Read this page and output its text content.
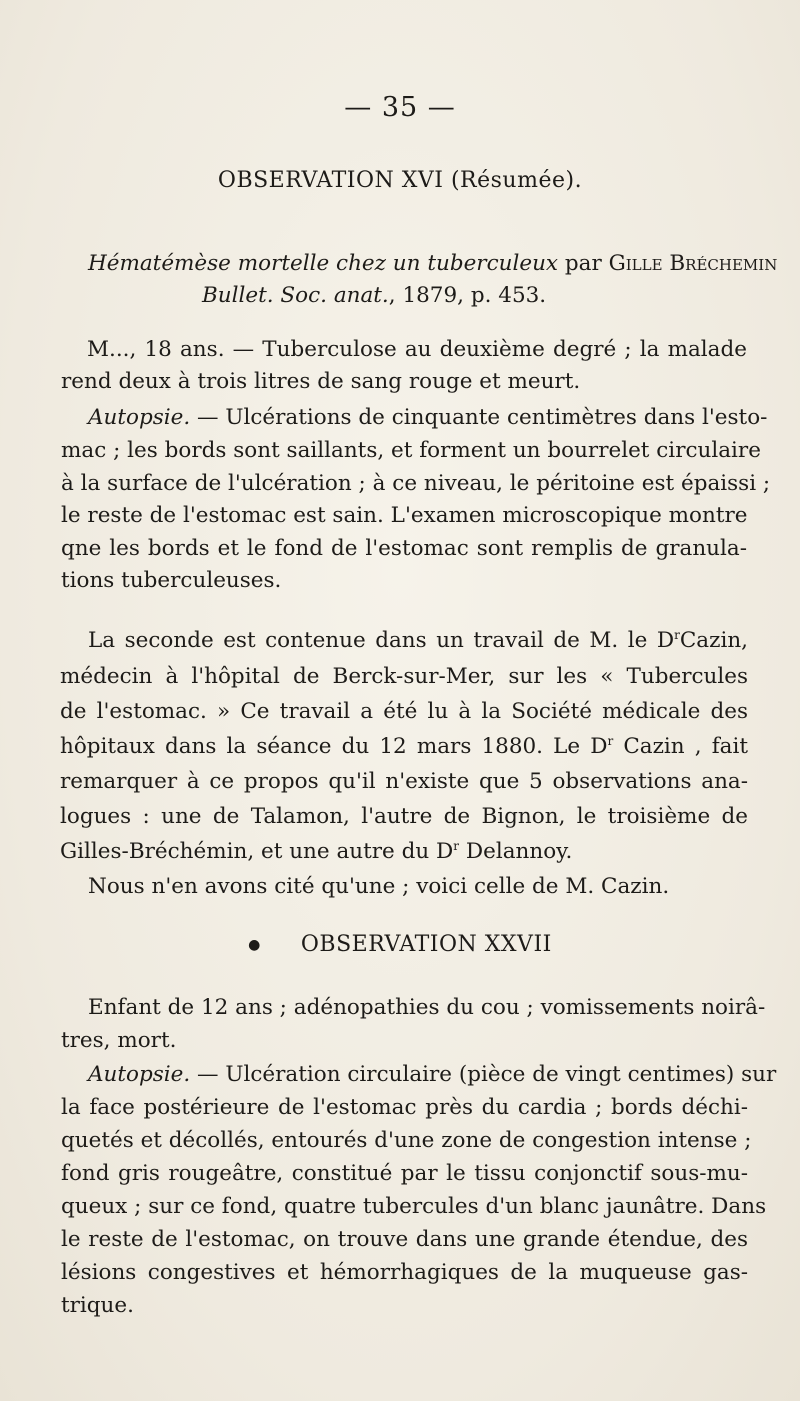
— 35 —
OBSERVATION XVI (Résumée).
Hématémèse mortelle chez un tuberculeux par Gille Bréchemin
Bullet. Soc. anat., 1879, p. 453.
M..., 18 ans. — Tuberculose au deuxième degré ; la malade
rend deux à trois litres de sang rouge et meurt.
Autopsie. — Ulcérations de cinquante centimètres dans l'esto-
mac ; les bords sont saillants, et forment un bourrelet circulaire
à la surface de l'ulcération ; à ce niveau, le péritoine est épaissi ;
le reste de l'estomac est sain. L'examen microscopique montre
qne les bords et le fond de l'estomac sont remplis de granula-
tions tuberculeuses.
La seconde est contenue dans un travail de M. le $D^rCazin$,
médecin à l'hôpital de Berck-sur-Mer, sur les « Tubercules
de l'estomac. » Ce travail a été lu à la Société médicale des
hôpitaux dans la séance du 12 mars 1880. Le $D^r$ Cazin , fait
remarquer à ce propos qu'il n'existe que 5 observations ana-
● OBSERVATION XXVII
logues : une de Talamon, l'autre de Bignon, le troisième de
Gilles-Bréchémin, et une autre du $D^r$ Delannoy.
Enfant de 12 ans ; adénopathies du cou ; vomissements noirâ-
tres, mort.
Autopsie. — Ulcération circulaire (pièce de vingt centimes) sur
la face postérieure de l'estomac près du cardia ; bords déchi-
quetés et décollés, entourés d'une zone de congestion intense ;
fond gris rougeâtre, constitué par le tissu conjonctif sous-mu-
queux ; sur ce fond, quatre tubercules d'un blanc jaunâtre. Dans
le reste de l'estomac, on trouve dans une grande étendue, des
lésions congestives et hémorrhagiques de la muqueuse gas-
trique.
Nous n'en avons cité qu'une ; voici celle de M. Cazin.
